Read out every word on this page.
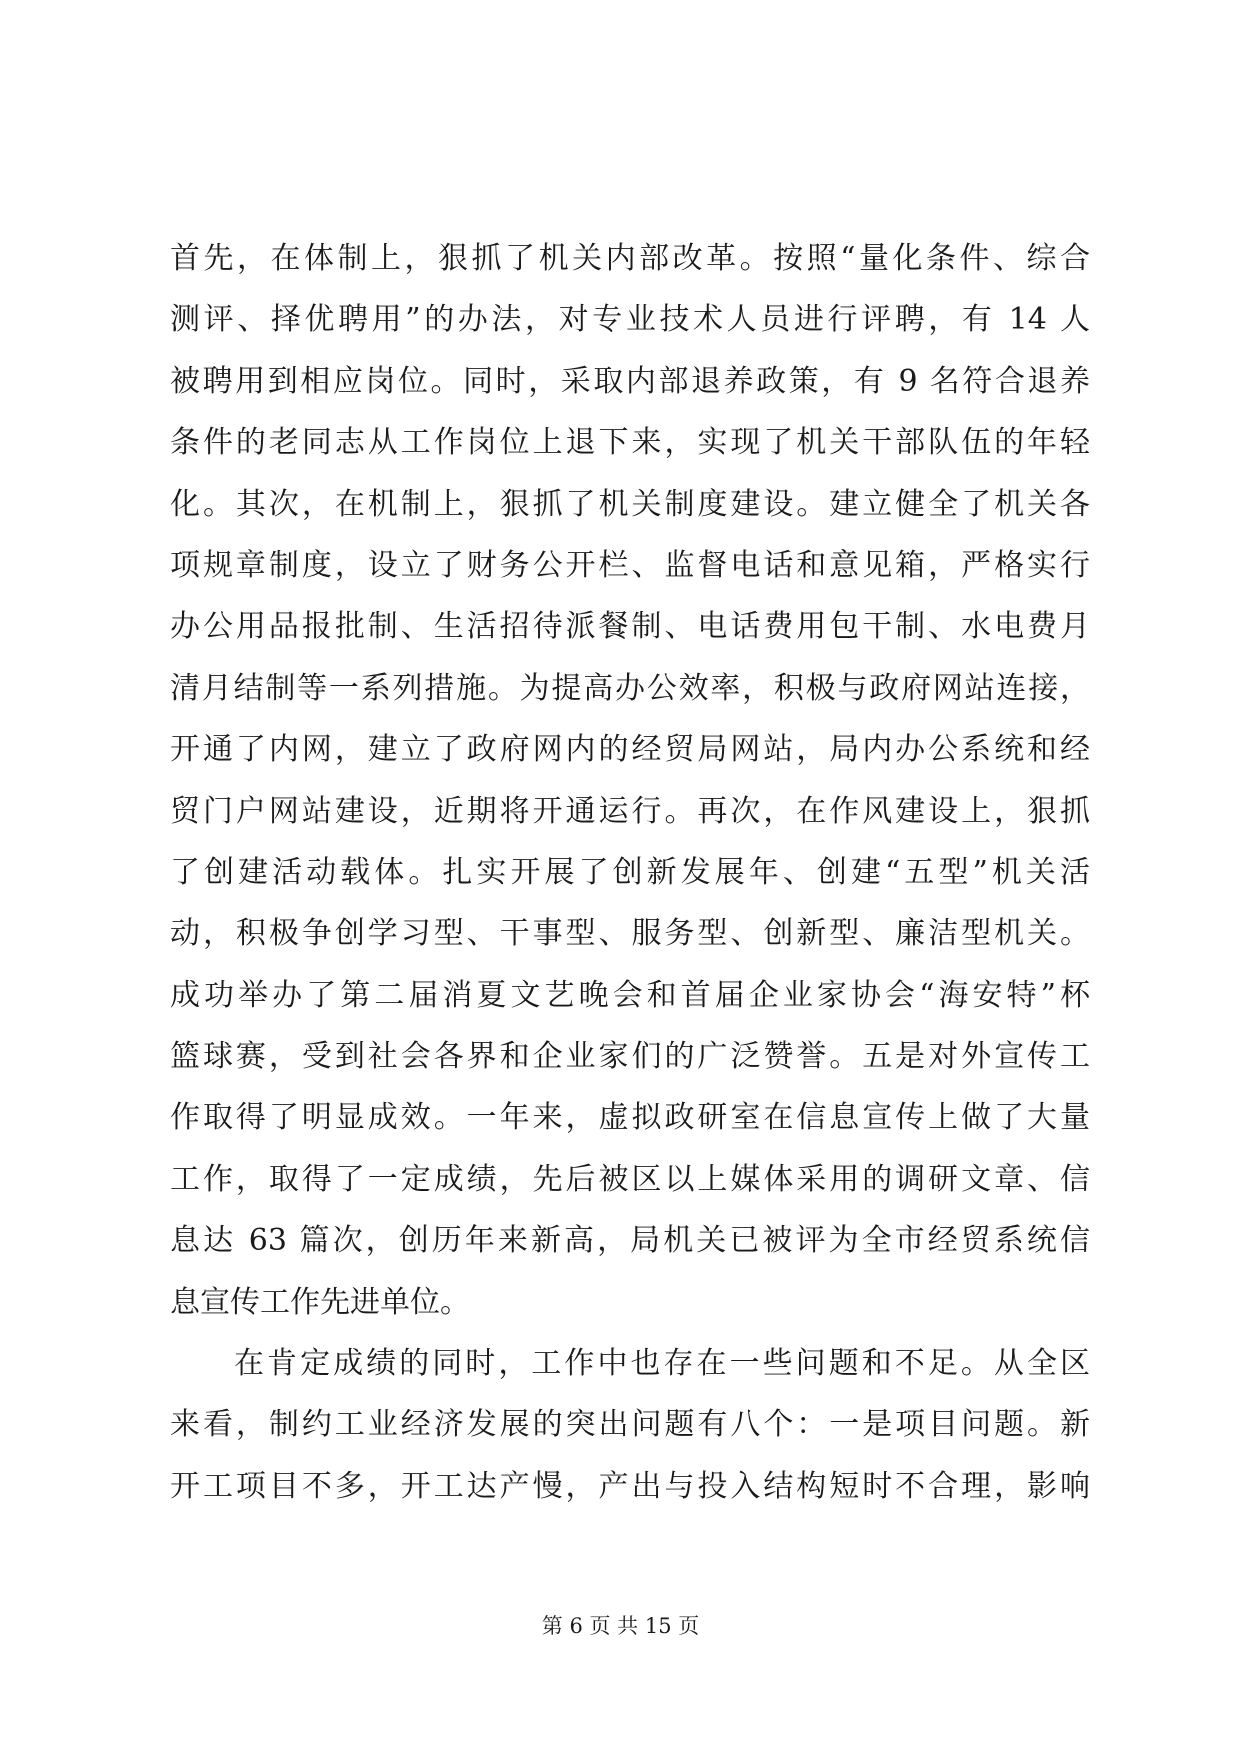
首先，在体制上，狠抓了机关内部改革。按照“量化条件、综合
测评、择优聘用”的办法，对专业技术人员进行评聘，有 14 人
被聘用到相应岗位。同时，采取内部退养政策，有 9 名符合退养
条件的老同志从工作岗位上退下来，实现了机关干部队伍的年轻
化。其次，在机制上，狠抓了机关制度建设。建立健全了机关各
项规章制度，设立了财务公开栏、监督电话和意见箱，严格实行
办公用品报批制、生活招待派餐制、电话费用包干制、水电费月
清月结制等一系列措施。为提高办公效率，积极与政府网站连接，
开通了内网，建立了政府网内的经贸局网站，局内办公系统和经
贸门户网站建设，近期将开通运行。再次，在作风建设上，狠抓
了创建活动载体。扎实开展了创新发展年、创建“五型”机关活
动，积极争创学习型、干事型、服务型、创新型、廉洁型机关。
成功举办了第二届消夏文艺晚会和首届企业家协会“海安特”杯
篮球赛，受到社会各界和企业家们的广泛赞誉。五是对外宣传工
作取得了明显成效。一年来，虚拟政研室在信息宣传上做了大量
工作，取得了一定成绩，先后被区以上媒体采用的调研文章、信
息达 63 篇次，创历年来新高，局机关已被评为全市经贸系统信
息宣传工作先进单位。
在肯定成绩的同时，工作中也存在一些问题和不足。从全区
来看，制约工业经济发展的突出问题有八个：一是项目问题。新
开工项目不多，开工达产慢，产出与投入结构短时不合理，影响
第 6 页 共 15 页
